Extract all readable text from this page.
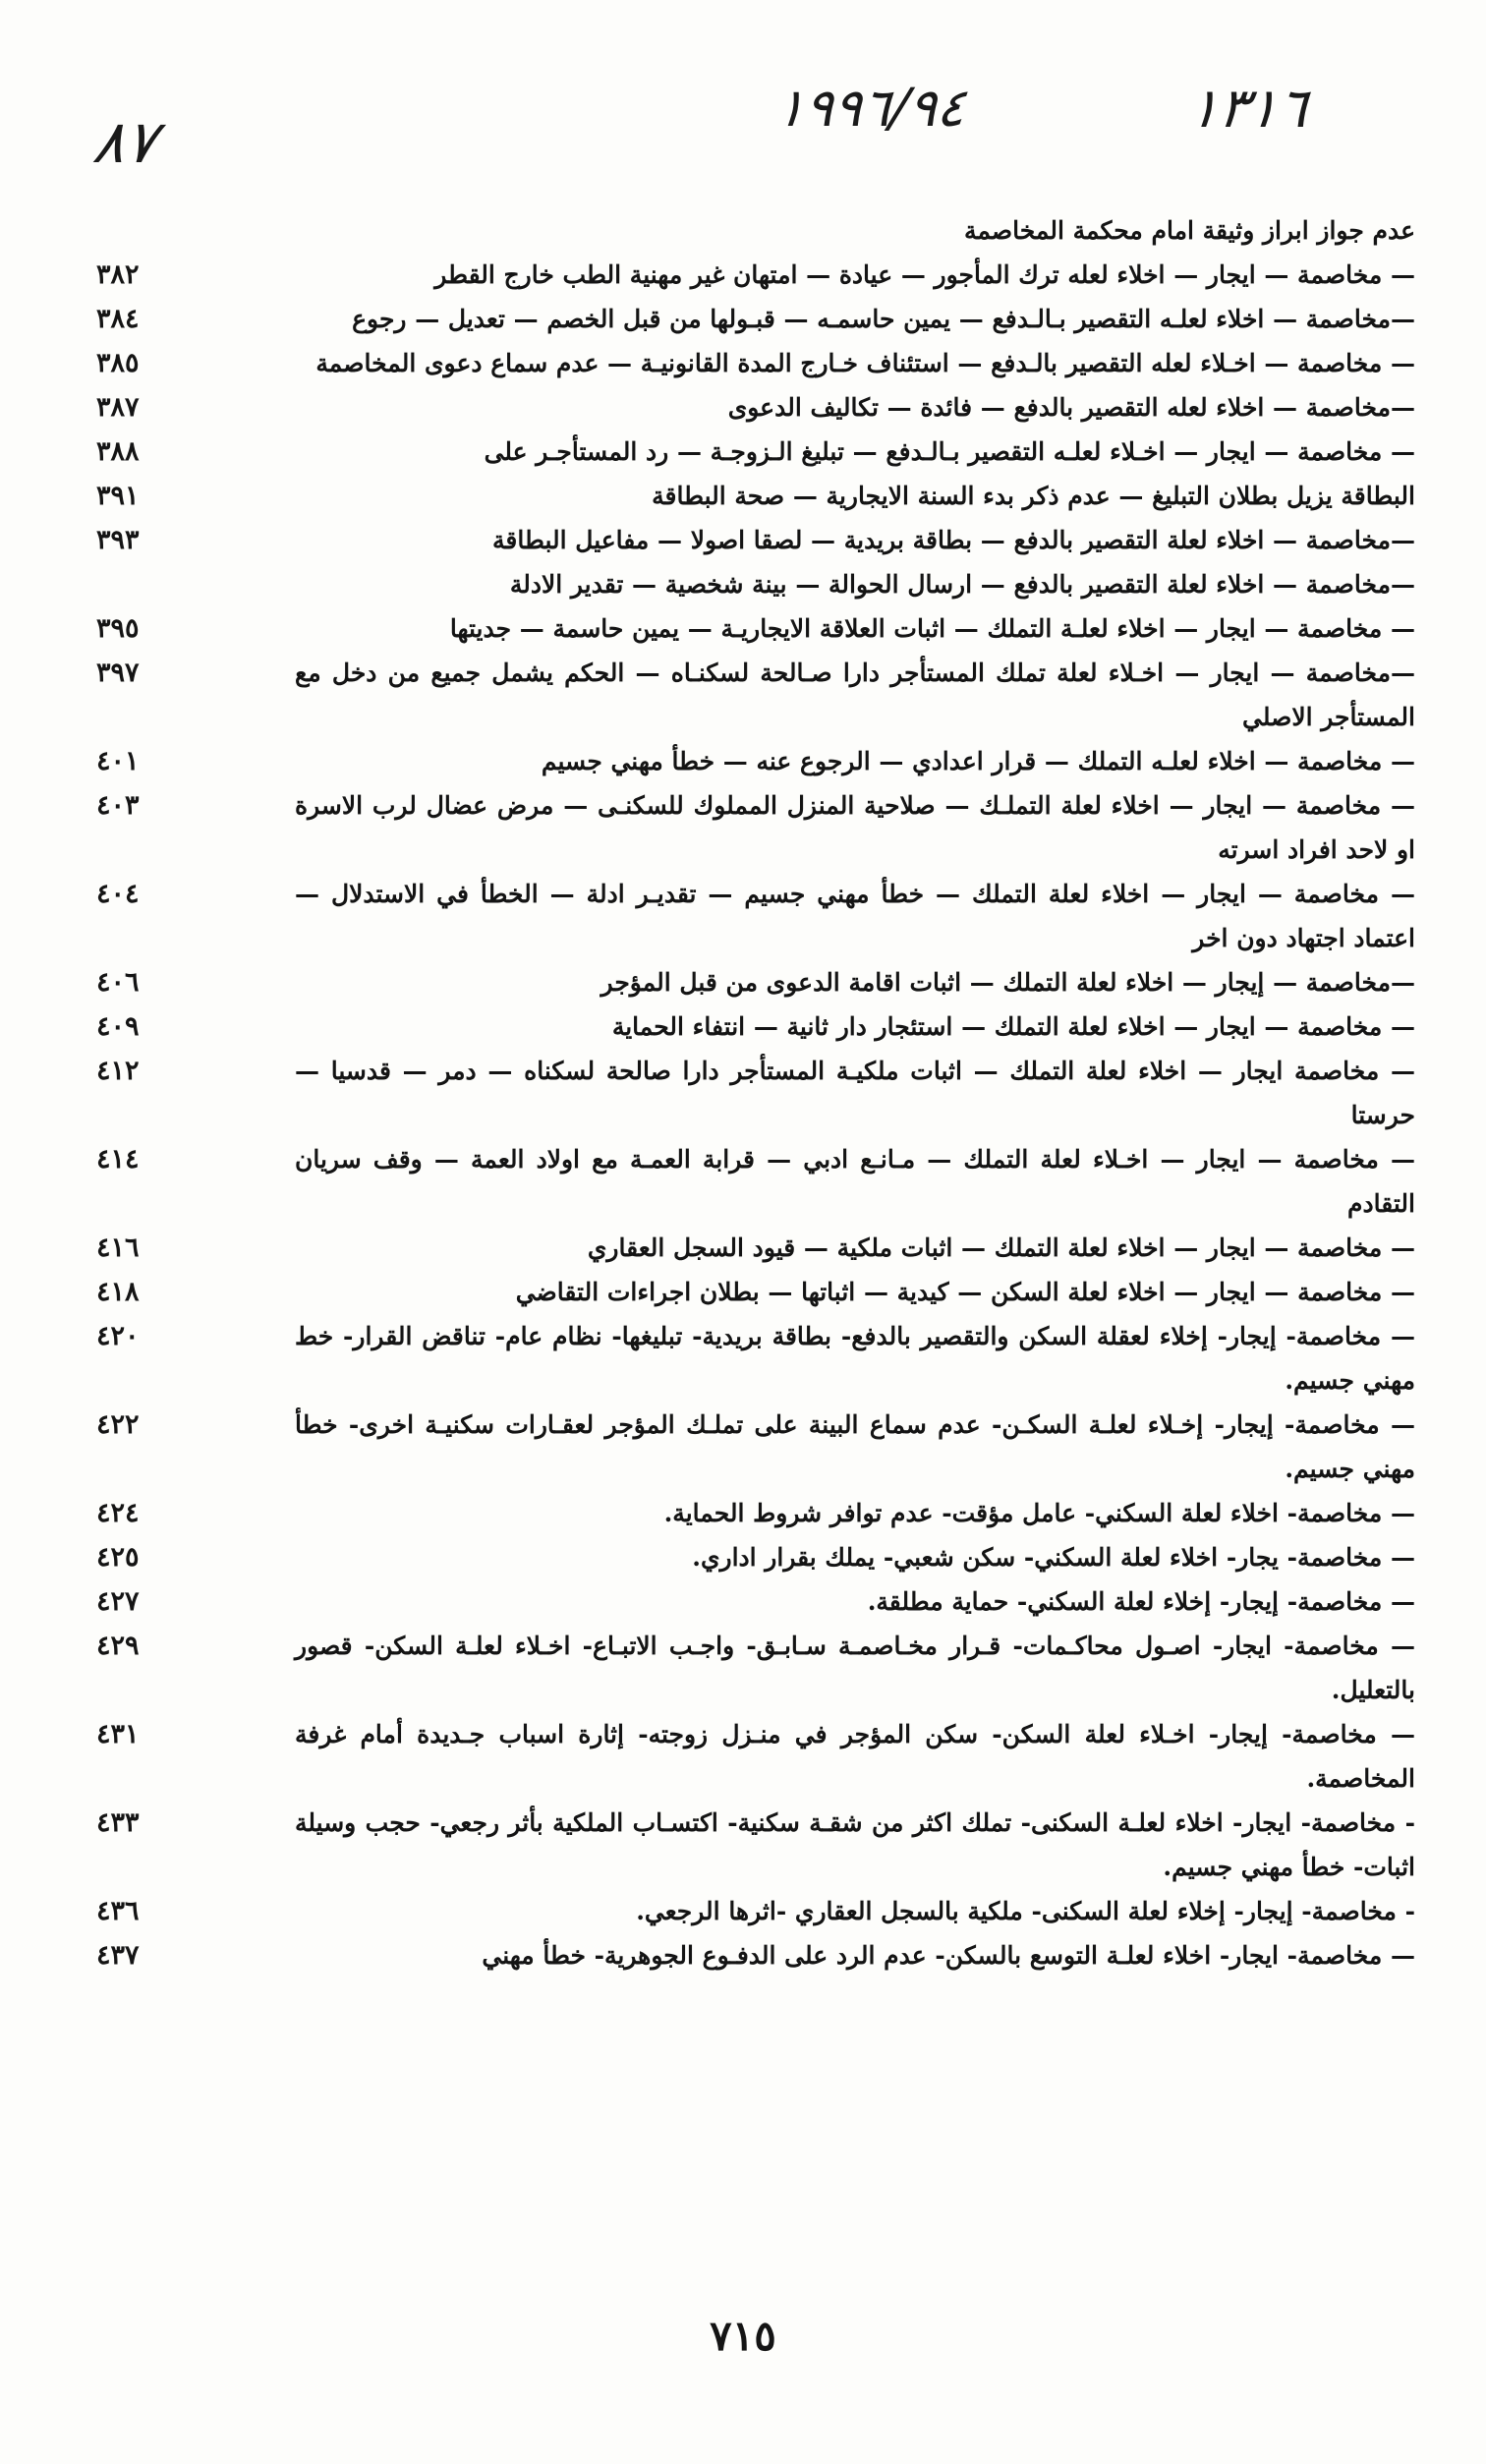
٨٧
١٩٩٦/٩٤	١٣١٦
عدم جواز ابراز وثيقة امام محكمة المخاصمة
— مخاصمة — ايجار — اخلاء لعله ترك المأجور — عيادة — امتهان غير مهنية الطب خارج القطر
٣٨٢
—مخاصمة — اخلاء لعلـه التقصير بـالـدفع — يمين حاسمـه — قبـولها من قبل الخصم — تعديل — رجوع
٣٨٤
— مخاصمة — اخـلاء لعله التقصير بالـدفع — استئناف خـارج المدة القانونيـة — عدم سماع دعوى المخاصمة
٣٨٥
—مخاصمة — اخلاء لعله التقصير بالدفع — فائدة — تكاليف الدعوى
٣٨٧
— مخاصمة — ايجار — اخـلاء لعلـه التقصير بـالـدفع — تبليغ الـزوجـة — رد المستأجـر على
٣٨٨
البطاقة يزيل بطلان التبليغ — عدم ذكر بدء السنة الايجارية — صحة البطاقة
٣٩١
—مخاصمة — اخلاء لعلة التقصير بالدفع — بطاقة بريدية — لصقا اصولا — مفاعيل البطاقة
٣٩٣
—مخاصمة — اخلاء لعلة التقصير بالدفع — ارسال الحوالة — بينة شخصية — تقدير الادلة
— مخاصمة — ايجار — اخلاء لعلـة التملك — اثبات العلاقة الايجاريـة — يمين حاسمة — جديتها
٣٩٥
—مخاصمة — ايجار — اخـلاء لعلة تملك المستأجر دارا صـالحة لسكنـاه — الحكم يشمل جميع من دخل مع المستأجر الاصلي
٣٩٧
— مخاصمة — اخلاء لعلـه التملك — قرار اعدادي — الرجوع عنه — خطأ مهني جسيم
٤٠١
— مخاصمة — ايجار — اخلاء لعلة التملـك — صلاحية المنزل المملوك للسكنـى — مرض عضال لرب الاسرة او لاحد افراد اسرته
٤٠٣
— مخاصمة — ايجار — اخلاء لعلة التملك — خطأ مهني جسيم — تقديـر ادلة — الخطأ في الاستدلال — اعتماد اجتهاد دون اخر
٤٠٤
—مخاصمة — إيجار — اخلاء لعلة التملك — اثبات اقامة الدعوى من قبل المؤجر
٤٠٦
— مخاصمة — ايجار — اخلاء لعلة التملك — استئجار دار ثانية — انتفاء الحماية
٤٠٩
— مخاصمة ايجار — اخلاء لعلة التملك — اثبات ملكيـة المستأجر دارا صالحة لسكناه — دمر — قدسيا — حرستا
٤١٢
— مخاصمة — ايجار — اخـلاء لعلة التملك — مـانـع ادبي — قرابة العمـة مع اولاد العمة — وقف سريان التقادم
٤١٤
— مخاصمة — ايجار — اخلاء لعلة التملك — اثبات ملكية — قيود السجل العقاري
٤١٦
— مخاصمة — ايجار — اخلاء لعلة السكن — كيدية — اثباتها — بطلان اجراءات التقاضي
٤١٨
— مخاصمة- إيجار- إخلاء لعقلة السكن والتقصير بالدفع- بطاقة بريدية- تبليغها- نظام عام- تناقض القرار- خط مهني جسيم.
٤٢٠
— مخاصمة- إيجار- إخـلاء لعلـة السكـن- عدم سماع البينة على تملـك المؤجر لعقـارات سكنيـة اخرى- خطأ مهني جسيم.
٤٢٢
— مخاصمة- اخلاء لعلة السكني- عامل مؤقت- عدم توافر شروط الحماية.
٤٢٤
— مخاصمة- يجار- اخلاء لعلة السكني- سكن شعبي- يملك بقرار اداري.
٤٢٥
— مخاصمة- إيجار- إخلاء لعلة السكني- حماية مطلقة.
٤٢٧
— مخاصمة- ايجار- اصـول محاكـمات- قـرار مخـاصمـة سـابـق- واجـب الاتبـاع- اخـلاء لعلـة السكن- قصور بالتعليل.
٤٢٩
— مخاصمة- إيجار- اخـلاء لعلة السكن- سكن المؤجر في منـزل زوجته- إثارة اسباب جـديدة أمام غرفة المخاصمة.
٤٣١
- مخاصمة- ايجار- اخلاء لعلـة السكنى- تملك اكثر من شقـة سكنية- اكتسـاب الملكية بأثر رجعي- حجب وسيلة اثبات- خطأ مهني جسيم.
٤٣٣
- مخاصمة- إيجار- إخلاء لعلة السكنى- ملكية بالسجل العقاري -اثرها الرجعي.
٤٣٦
— مخاصمة- ايجار- اخلاء لعلـة التوسع بالسكن- عدم الرد على الدفـوع الجوهرية- خطأ مهني
٤٣٧
٧١٥
